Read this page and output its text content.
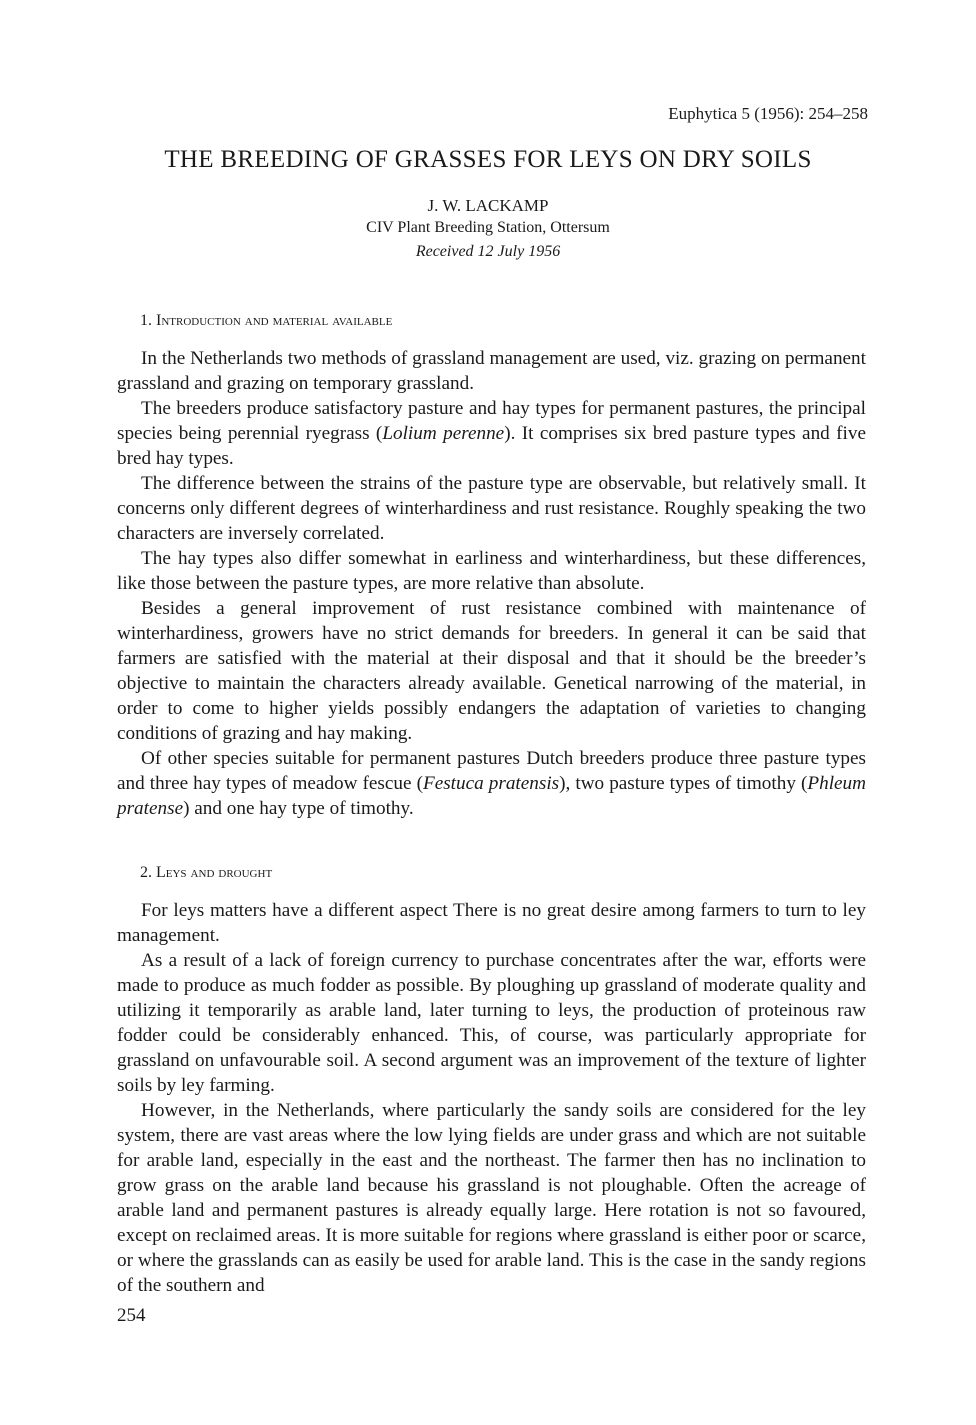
Euphytica 5 (1956): 254–258
THE BREEDING OF GRASSES FOR LEYS ON DRY SOILS
J. W. LACKAMP
CIV Plant Breeding Station, Ottersum
Received 12 July 1956
1. Introduction and material available

In the Netherlands two methods of grassland management are used, viz. grazing on permanent grassland and grazing on temporary grassland.

The breeders produce satisfactory pasture and hay types for permanent pastures, the principal species being perennial ryegrass (Lolium perenne). It comprises six bred pasture types and five bred hay types.

The difference between the strains of the pasture type are observable, but relatively small. It concerns only different degrees of winterhardiness and rust resistance. Roughly speaking the two characters are inversely correlated.

The hay types also differ somewhat in earliness and winterhardiness, but these differences, like those between the pasture types, are more relative than absolute.

Besides a general improvement of rust resistance combined with maintenance of winterhardiness, growers have no strict demands for breeders. In general it can be said that farmers are satisfied with the material at their disposal and that it should be the breeder’s objective to maintain the characters already available. Genetical narrowing of the material, in order to come to higher yields possibly endangers the adaptation of varieties to changing conditions of grazing and hay making.

Of other species suitable for permanent pastures Dutch breeders produce three pasture types and three hay types of meadow fescue (Festuca pratensis), two pasture types of timothy (Phleum pratense) and one hay type of timothy.

2. Leys and drought

For leys matters have a different aspect There is no great desire among farmers to turn to ley management.

As a result of a lack of foreign currency to purchase concentrates after the war, efforts were made to produce as much fodder as possible. By ploughing up grassland of moderate quality and utilizing it temporarily as arable land, later turning to leys, the production of proteinous raw fodder could be considerably enhanced. This, of course, was particularly appropriate for grassland on unfavourable soil. A second argument was an improvement of the texture of lighter soils by ley farming.

However, in the Netherlands, where particularly the sandy soils are considered for the ley system, there are vast areas where the low lying fields are under grass and which are not suitable for arable land, especially in the east and the northeast. The farmer then has no inclination to grow grass on the arable land because his grassland is not ploughable. Often the acreage of arable land and permanent pastures is already equally large. Here rotation is not so favoured, except on reclaimed areas. It is more suitable for regions where grassland is either poor or scarce, or where the grasslands can as easily be used for arable land. This is the case in the sandy regions of the southern and

254
